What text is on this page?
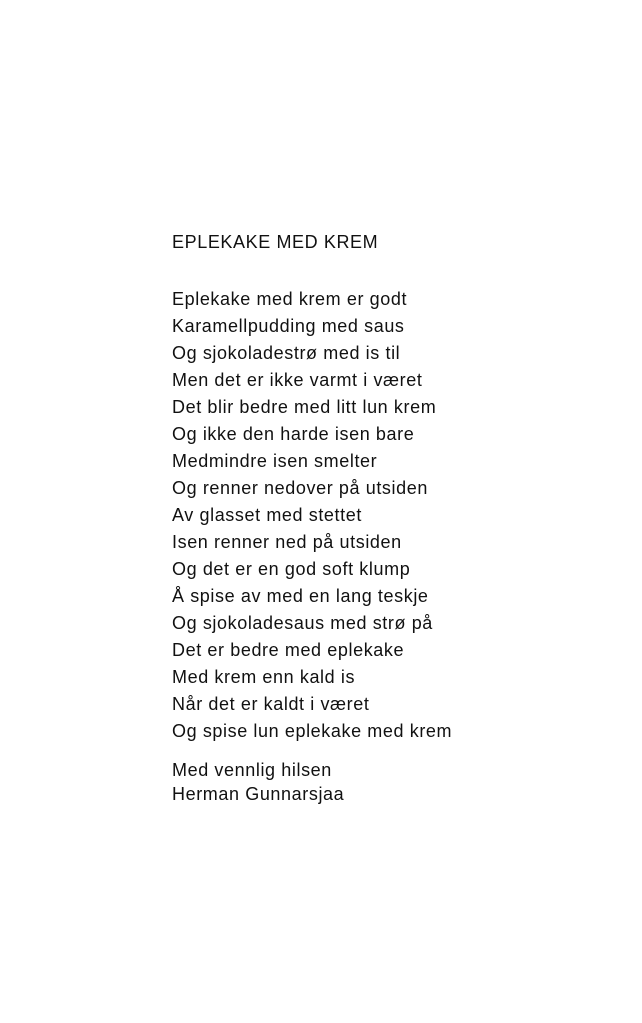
EPLEKAKE MED KREM
Eplekake med krem er godt
Karamellpudding med saus
Og sjokoladestrø med is til
Men det er ikke varmt i været
Det blir bedre med litt lun krem
Og ikke den harde isen bare
Medmindre isen smelter
Og renner nedover på utsiden
Av glasset med stettet
Isen renner ned på utsiden
Og det er en god soft klump
Å spise av med en lang teskje
Og sjokoladesaus med strø på
Det er bedre med eplekake
Med krem enn kald is
Når det er kaldt i været
Og spise lun eplekake med krem
Med vennlig hilsen
Herman Gunnarsjaa
